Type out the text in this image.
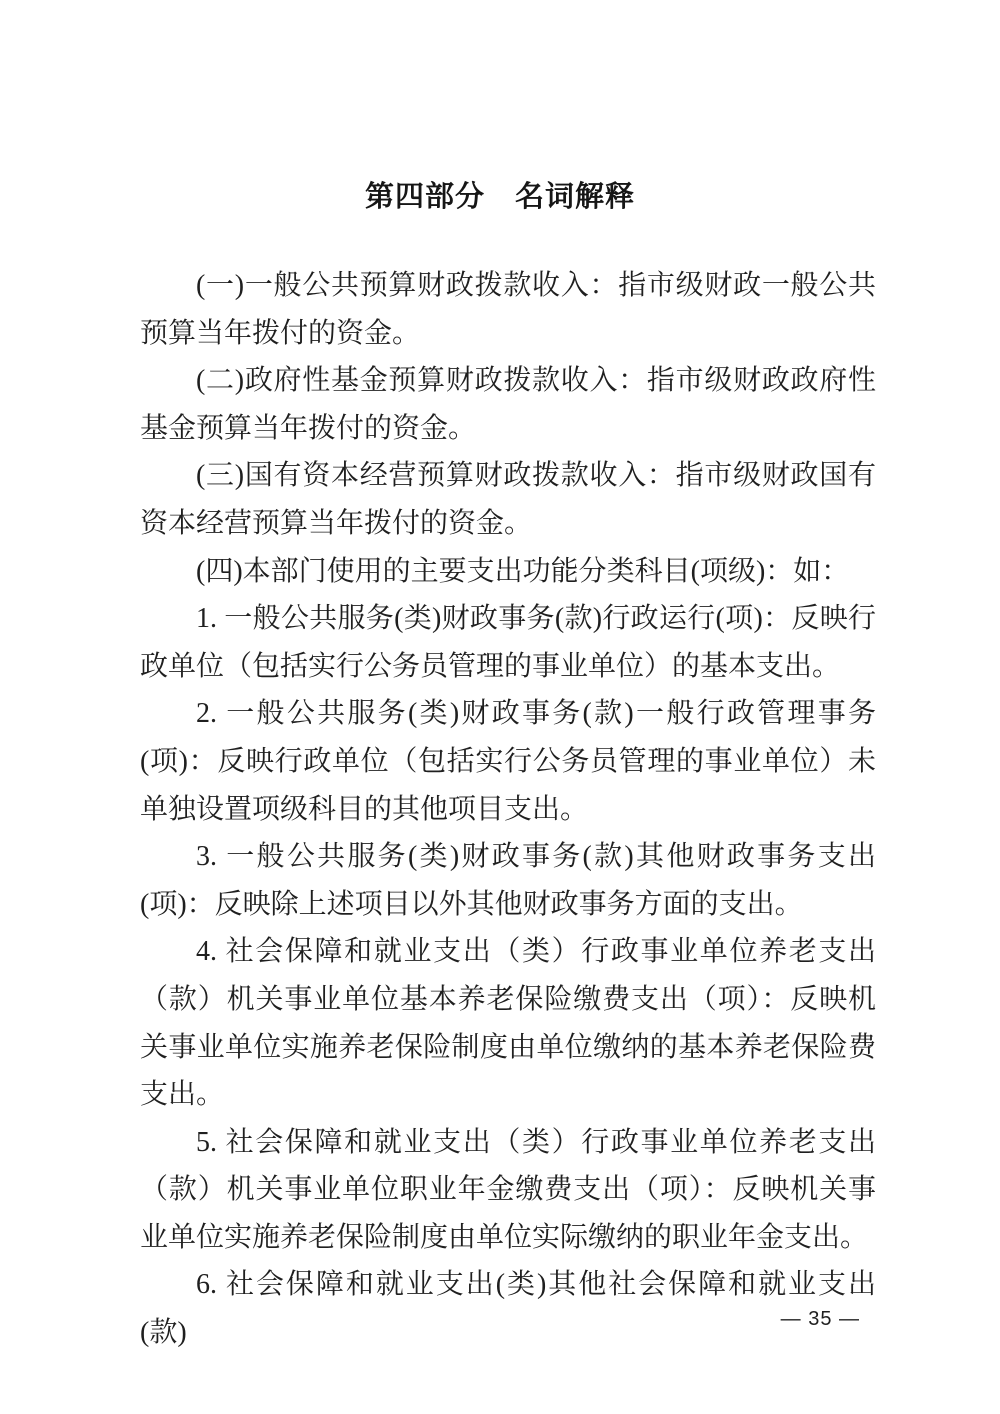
第四部分　名词解释

(一)一般公共预算财政拨款收入：指市级财政一般公共预算当年拨付的资金。

(二)政府性基金预算财政拨款收入：指市级财政政府性基金预算当年拨付的资金。

(三)国有资本经营预算财政拨款收入：指市级财政国有资本经营预算当年拨付的资金。

(四)本部门使用的主要支出功能分类科目(项级)：如：

1. 一般公共服务(类)财政事务(款)行政运行(项)：反映行政单位（包括实行公务员管理的事业单位）的基本支出。

2. 一般公共服务(类)财政事务(款)一般行政管理事务(项)：反映行政单位（包括实行公务员管理的事业单位）未单独设置项级科目的其他项目支出。

3. 一般公共服务(类)财政事务(款)其他财政事务支出(项)：反映除上述项目以外其他财政事务方面的支出。

4. 社会保障和就业支出（类）行政事业单位养老支出（款）机关事业单位基本养老保险缴费支出（项）：反映机关事业单位实施养老保险制度由单位缴纳的基本养老保险费支出。

5. 社会保障和就业支出（类）行政事业单位养老支出（款）机关事业单位职业年金缴费支出（项）：反映机关事业单位实施养老保险制度由单位实际缴纳的职业年金支出。

6. 社会保障和就业支出(类)其他社会保障和就业支出(款)	— 35 —
